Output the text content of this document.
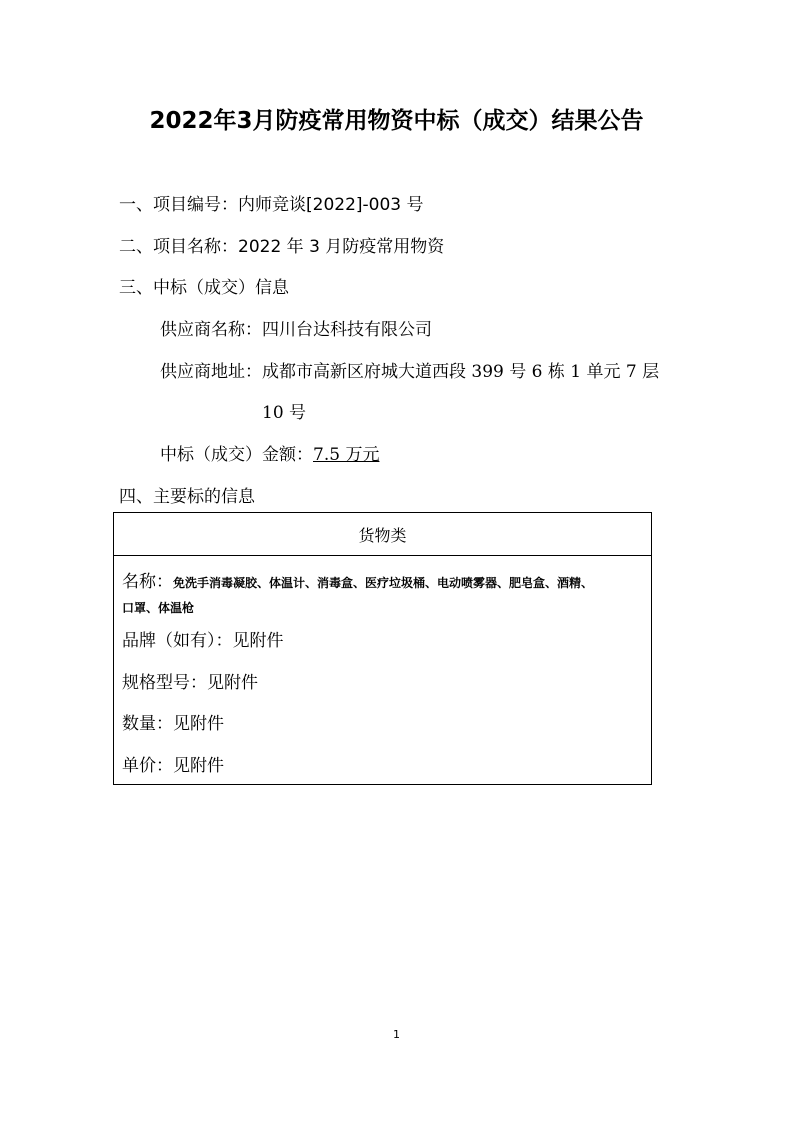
2022年3月防疫常用物资中标（成交）结果公告
一、项目编号：内师竞谈[2022]-003 号
二、项目名称：2022 年 3 月防疫常用物资
三、中标（成交）信息
供应商名称：四川台达科技有限公司
供应商地址：成都市高新区府城大道西段 399 号 6 栋 1 单元 7 层
10 号
中标（成交）金额：7.5 万元
四、主要标的信息
货物类
名称：免洗手消毒凝胶、体温计、消毒盒、医疗垃圾桶、电动喷雾器、肥皂盒、酒精、
口罩、体温枪
品牌（如有）：见附件
规格型号：见附件
数量：见附件
单价：见附件
1
